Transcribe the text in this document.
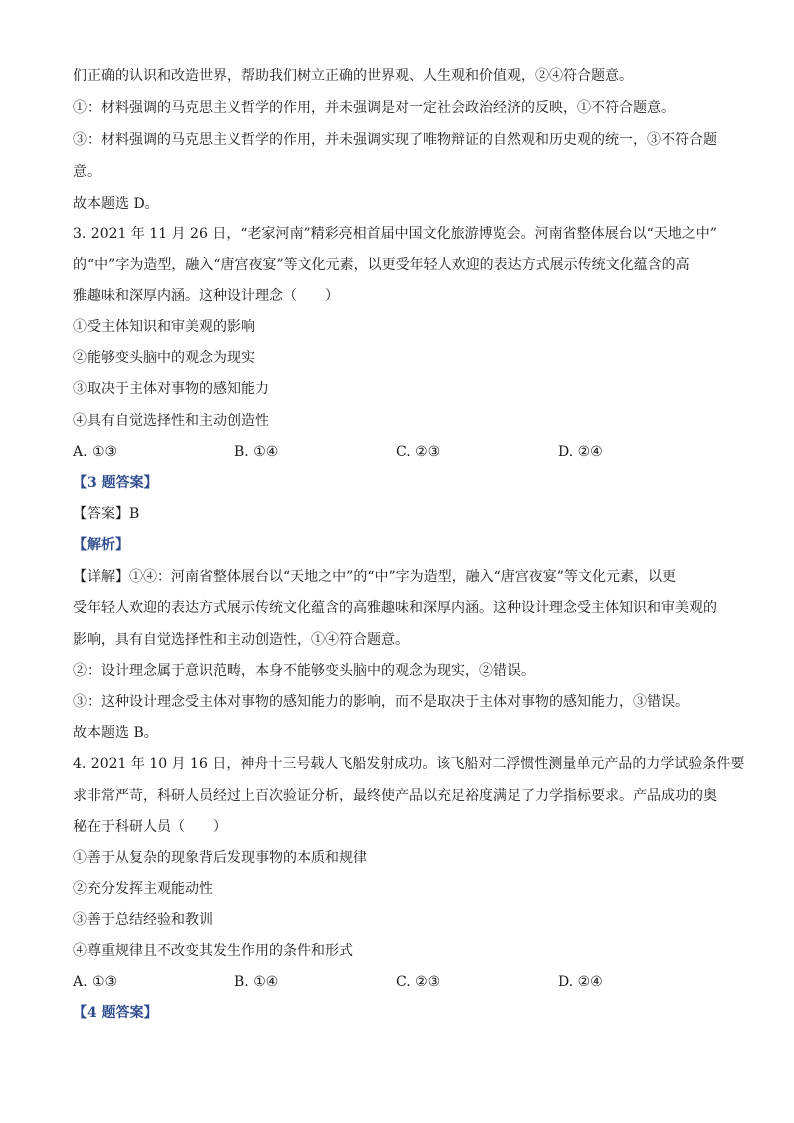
们正确的认识和改造世界，帮助我们树立正确的世界观、人生观和价值观，②④符合题意。
①：材料强调的马克思主义哲学的作用，并未强调是对一定社会政治经济的反映，①不符合题意。
③：材料强调的马克思主义哲学的作用，并未强调实现了唯物辩证的自然观和历史观的统一，③不符合题
意。
故本题选 D。
3. 2021 年 11 月 26 日，“老家河南”精彩亮相首届中国文化旅游博览会。河南省整体展台以“天地之中”
的“中”字为造型，融入“唐宫夜宴”等文化元素，以更受年轻人欢迎的表达方式展示传统文化蕴含的高
雅趣味和深厚内涵。这种设计理念（　　）
①受主体知识和审美观的影响
②能够变头脑中的观念为现实
③取决于主体对事物的感知能力
④具有自觉选择性和主动创造性
A. ①③	B. ①④	C. ②③	D. ②④
【3 题答案】
【答案】B
【解析】
【详解】①④：河南省整体展台以“天地之中”的“中”字为造型，融入“唐宫夜宴”等文化元素，以更
受年轻人欢迎的表达方式展示传统文化蕴含的高雅趣味和深厚内涵。这种设计理念受主体知识和审美观的
影响，具有自觉选择性和主动创造性，①④符合题意。
②：设计理念属于意识范畴，本身不能够变头脑中的观念为现实，②错误。
③：这种设计理念受主体对事物的感知能力的影响，而不是取决于主体对事物的感知能力，③错误。
故本题选 B。
4. 2021 年 10 月 16 日，神舟十三号载人飞船发射成功。该飞船对二浮惯性测量单元产品的力学试验条件要
求非常严苛，科研人员经过上百次验证分析，最终使产品以充足裕度满足了力学指标要求。产品成功的奥
秘在于科研人员（　　）
①善于从复杂的现象背后发现事物的本质和规律
②充分发挥主观能动性
③善于总结经验和教训
④尊重规律且不改变其发生作用的条件和形式
A. ①③	B. ①④	C. ②③	D. ②④
【4 题答案】
